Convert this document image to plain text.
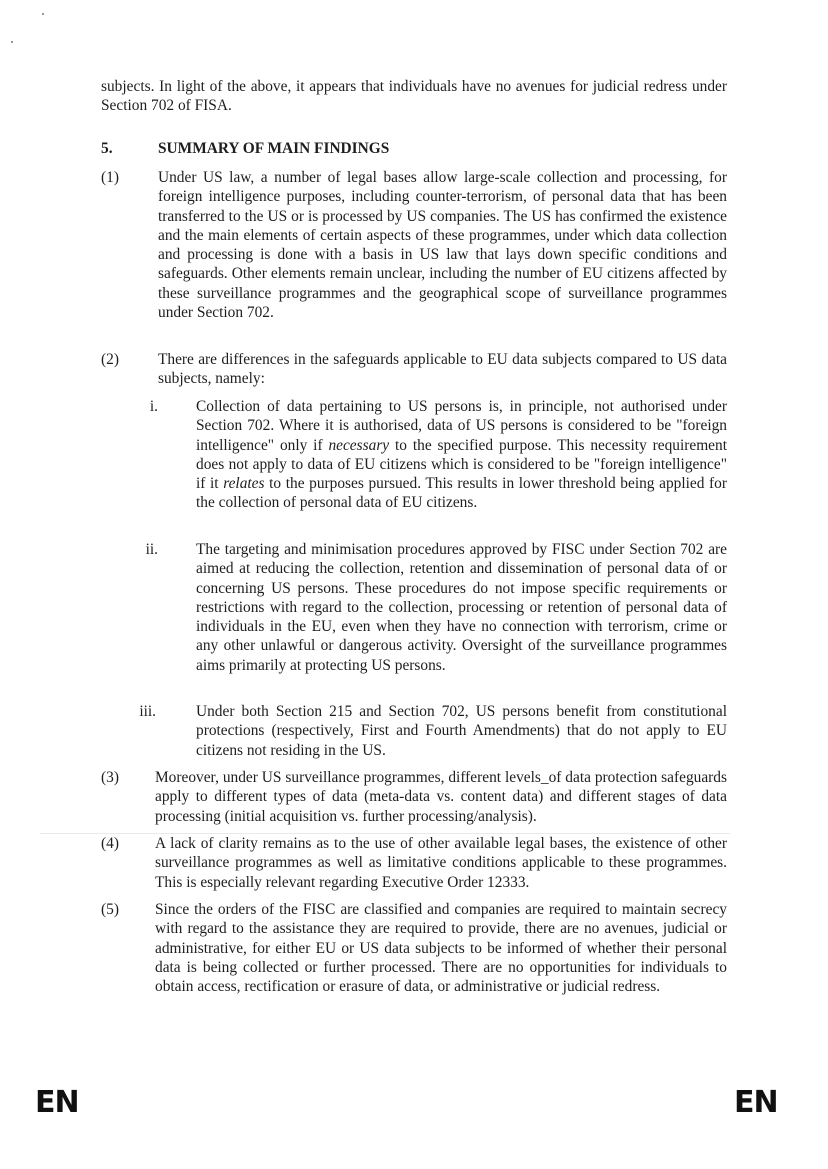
subjects. In light of the above, it appears that individuals have no avenues for judicial redress under Section 702 of FISA.

5.	SUMMARY OF MAIN FINDINGS
(1)	Under US law, a number of legal bases allow large-scale collection and processing, for foreign intelligence purposes, including counter-terrorism, of personal data that has been transferred to the US or is processed by US companies. The US has confirmed the existence and the main elements of certain aspects of these programmes, under which data collection and processing is done with a basis in US law that lays down specific conditions and safeguards. Other elements remain unclear, including the number of EU citizens affected by these surveillance programmes and the geographical scope of surveillance programmes under Section 702.

(2)	There are differences in the safeguards applicable to EU data subjects compared to US data subjects, namely:

i. Collection of data pertaining to US persons is, in principle, not authorised under Section 702. Where it is authorised, data of US persons is considered to be "foreign intelligence" only if necessary to the specified purpose. This necessity requirement does not apply to data of EU citizens which is considered to be "foreign intelligence" if it relates to the purposes pursued. This results in lower threshold being applied for the collection of personal data of EU citizens.

ii. The targeting and minimisation procedures approved by FISC under Section 702 are aimed at reducing the collection, retention and dissemination of personal data of or concerning US persons. These procedures do not impose specific requirements or restrictions with regard to the collection, processing or retention of personal data of individuals in the EU, even when they have no connection with terrorism, crime or any other unlawful or dangerous activity. Oversight of the surveillance programmes aims primarily at protecting US persons.

iii.	Under both Section 215 and Section 702, US persons benefit from constitutional protections (respectively, First and Fourth Amendments) that do not apply to EU citizens not residing in the US.

(3) Moreover, under US surveillance programmes, different levels_of data protection safeguards apply to different types of data (meta-data vs. content data) and different stages of data processing (initial acquisition vs. further processing/analysis).

(4) A lack of clarity remains as to the use of other available legal bases, the existence of other surveillance programmes as well as limitative conditions applicable to these programmes. This is especially relevant regarding Executive Order 12333.

(5) Since the orders of the FISC are classified and companies are required to maintain secrecy with regard to the assistance they are required to provide, there are no avenues, judicial or administrative, for either EU or US data subjects to be informed of whether their personal data is being collected or further processed. There are no opportunities for individuals to obtain access, rectification or erasure of data, or administrative or judicial redress.

EN	EN
